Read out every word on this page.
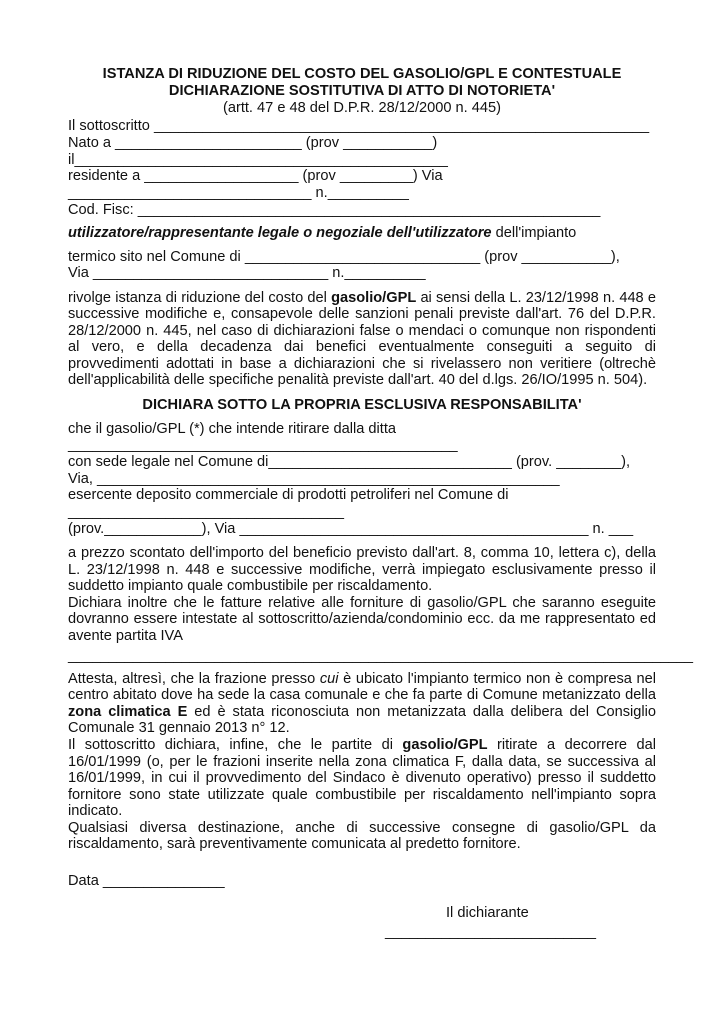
ISTANZA DI RIDUZIONE DEL COSTO DEL GASOLIO/GPL E CONTESTUALE
DICHIARAZIONE SOSTITUTIVA DI ATTO DI NOTORIETA'
(artt. 47 e 48 del D.P.R. 28/12/2000 n. 445)
Il sottoscritto _____________________________________________________________
Nato a _______________________ (prov ___________)
il______________________________________________
residente a ___________________ (prov _________) Via
______________________________ n.__________
Cod. Fisc: _________________________________________________________
utilizzatore/rappresentante legale o negoziale dell'utilizzatore dell'impianto
termico sito nel Comune di _____________________________ (prov ___________),
Via _____________________________ n.__________
rivolge istanza di riduzione del costo del gasolio/GPL ai sensi della L. 23/12/1998 n. 448 e
successive modifiche e, consapevole delle sanzioni penali previste dall'art. 76 del D.P.R.
28/12/2000 n. 445, nel caso di dichiarazioni false o mendaci o comunque non rispondenti
al vero, e della decadenza dai benefici eventualmente conseguiti a seguito di
provvedimenti adottati in base a dichiarazioni che si rivelassero non veritiere (oltrechè
dell'applicabilità delle specifiche penalità previste dall'art. 40 del d.lgs. 26/IO/1995 n. 504).
DICHIARA SOTTO LA PROPRIA ESCLUSIVA RESPONSABILITA'
che il gasolio/GPL (*) che intende ritirare dalla ditta
________________________________________________
con sede legale nel Comune di______________________________ (prov. ________),
Via, _________________________________________________________
esercente deposito commerciale di prodotti petroliferi nel Comune di
__________________________________
(prov.____________), Via ___________________________________________ n. ___
a prezzo scontato dell'importo del beneficio previsto dall'art. 8, comma 10, lettera c), della
L. 23/12/1998 n. 448 e successive modifiche, verrà impiegato esclusivamente presso il
suddetto impianto quale combustibile per riscaldamento.
Dichiara inoltre che le fatture relative alle forniture di gasolio/GPL che saranno eseguite
dovranno essere intestate al sottoscritto/azienda/condominio ecc. da me rappresentato ed
avente partita IVA
_____________________________________________________________________________
Attesta, altresì, che la frazione presso cui è ubicato l'impianto termico non è compresa nel
centro abitato dove ha sede la casa comunale e che fa parte di Comune metanizzato della
zona climatica E ed è stata riconosciuta non metanizzata dalla delibera del Consiglio
Comunale 31 gennaio 2013 n° 12.
Il sottoscritto dichiara, infine, che le partite di gasolio/GPL ritirate a decorrere dal
16/01/1999 (o, per le frazioni inserite nella zona climatica F, dalla data, se successiva al
16/01/1999, in cui il provvedimento del Sindaco è divenuto operativo) presso il suddetto
fornitore sono state utilizzate quale combustibile per riscaldamento nell'impianto sopra
indicato.
Qualsiasi diversa destinazione, anche di successive consegne di gasolio/GPL da
riscaldamento, sarà preventivamente comunicata al predetto fornitore.
Data _______________
Il dichiarante
__________________________
